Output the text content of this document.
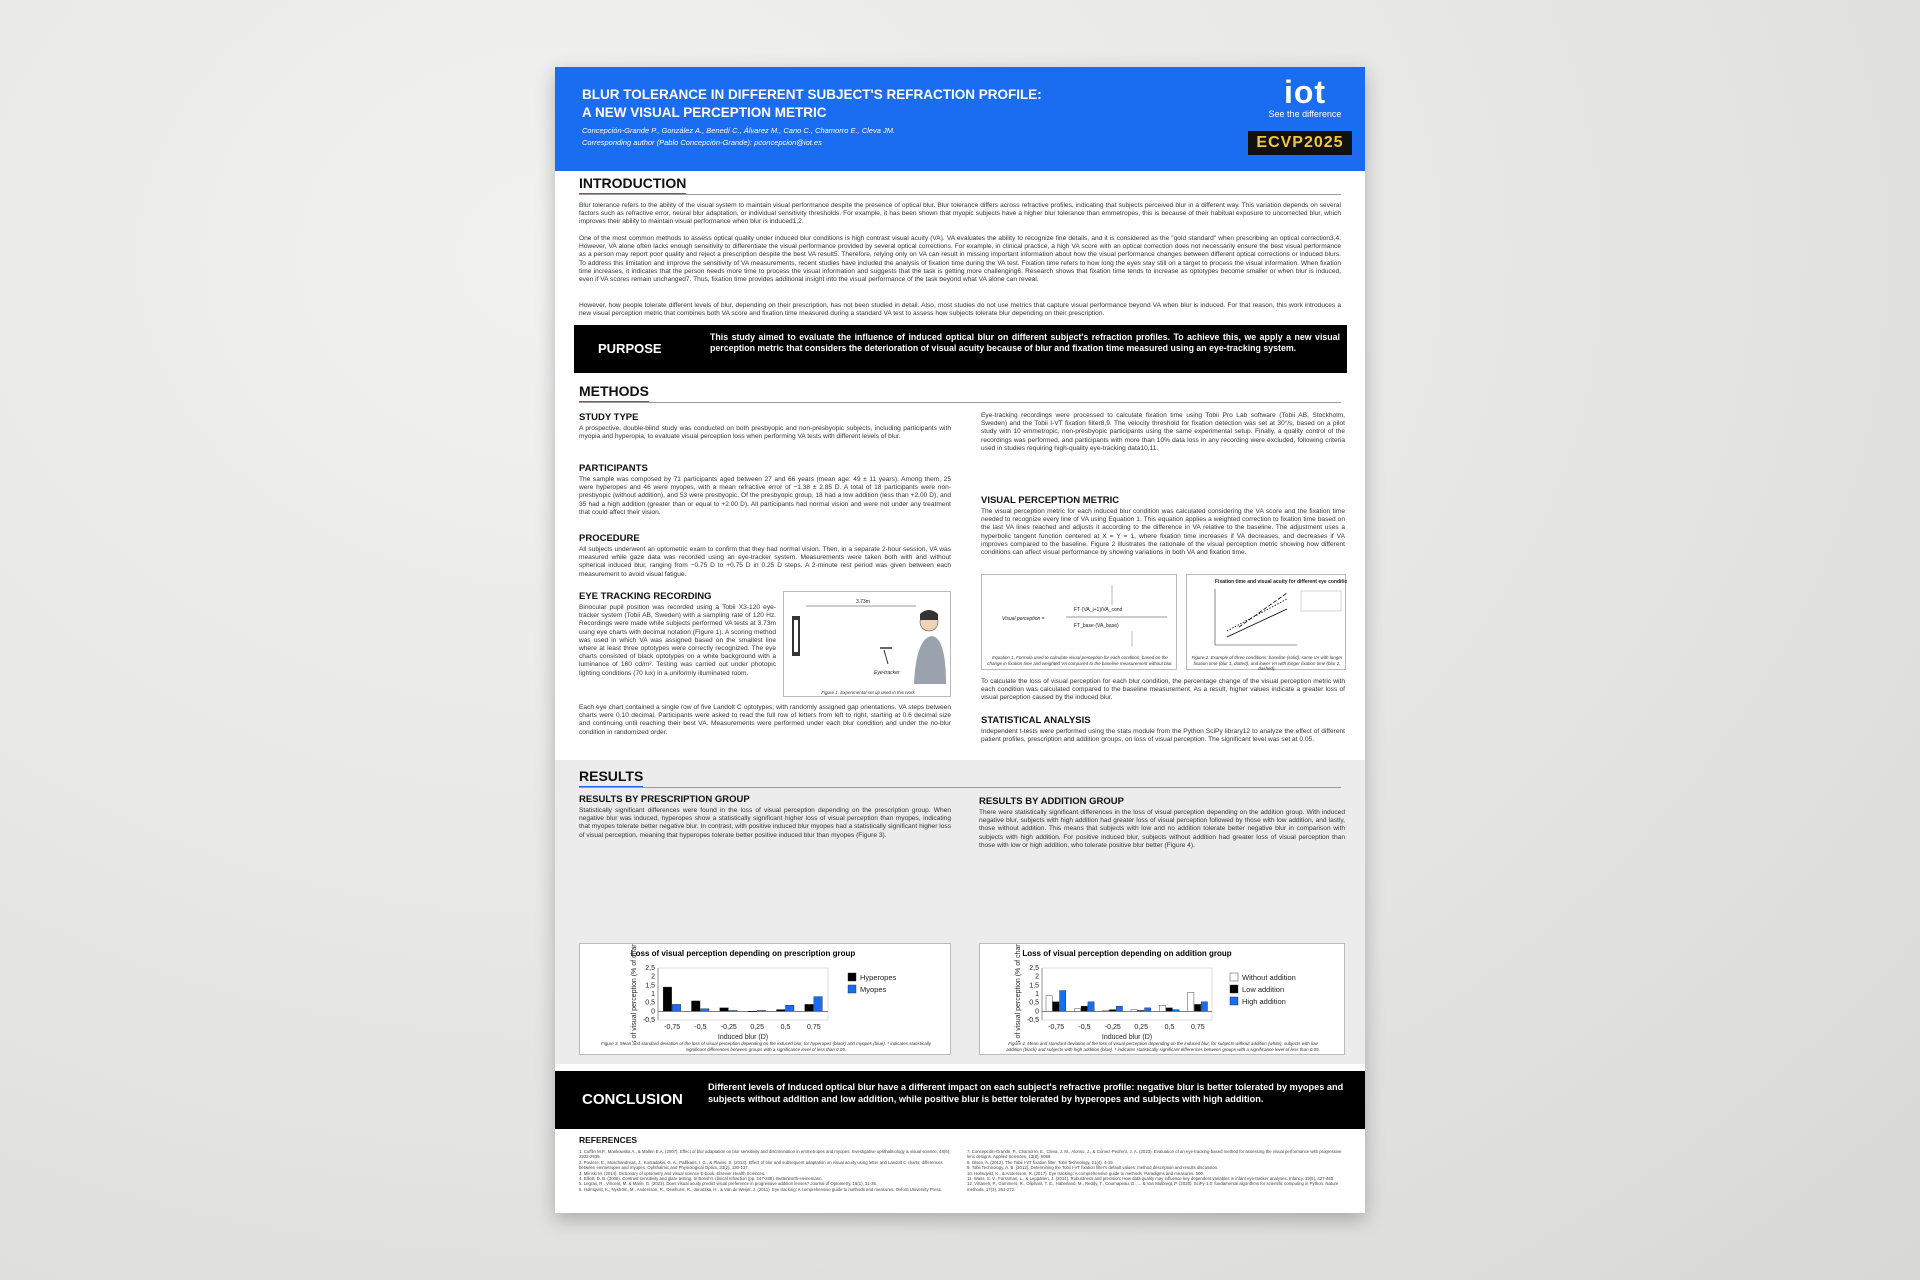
BLUR TOLERANCE IN DIFFERENT SUBJECT'S REFRACTION PROFILE:
A NEW VISUAL PERCEPTION METRIC
Concepción-Grande P., González A., Benedí C., Álvarez M., Cano C., Chamorro E., Cleva JM.
Corresponding author (Pablo Concepción-Grande): pconcepcion@iot.es
iot
See the difference
ECVP2025
INTRODUCTION
Blur tolerance refers to the ability of the visual system to maintain visual performance despite the presence of optical blur. Blur tolerance differs across refractive profiles, indicating that subjects perceived blur in a different way. This variation depends on several factors such as refractive error, neural blur adaptation, or individual sensitivity thresholds. For example, it has been shown that myopic subjects have a higher blur tolerance than emmetropes, this is because of their habitual exposure to uncorrected blur, which improves their ability to maintain visual performance when blur is induced1,2.
One of the most common methods to assess optical quality under induced blur conditions is high contrast visual acuity (VA). VA evaluates the ability to recognize fine details, and it is considered as the "gold standard" when prescribing an optical correction3,4. However, VA alone often lacks enough sensitivity to differentiate the visual performance provided by several optical corrections. For example, in clinical practice, a high VA score with an optical correction does not necessarily ensure the best visual performance as a person may report poor quality and reject a prescription despite the best VA result5. Therefore, relying only on VA can result in missing important information about how the visual performance changes between different optical corrections or induced blurs. To address this limitation and improve the sensitivity of VA measurements, recent studies have included the analysis of fixation time during the VA test. Fixation time refers to how long the eyes stay still on a target to process the visual information. When fixation time increases, it indicates that the person needs more time to process the visual information and suggests that the task is getting more challenging6. Research shows that fixation time tends to increase as optotypes become smaller or when blur is induced, even if VA scores remain unchanged7. Thus, fixation time provides additional insight into the visual performance of the task beyond what VA alone can reveal.
However, how people tolerate different levels of blur, depending on their prescription, has not been studied in detail. Also, most studies do not use metrics that capture visual performance beyond VA when blur is induced. For that reason, this work introduces a new visual perception metric that combines both VA score and fixation time measured during a standard VA test to assess how subjects tolerate blur depending on their prescription.
PURPOSE
This study aimed to evaluate the influence of induced optical blur on different subject's refraction profiles. To achieve this, we apply a new visual perception metric that considers the deterioration of visual acuity because of blur and fixation time measured using an eye-tracking system.
METHODS
STUDY TYPE
A prospective, double-blind study was conducted on both presbyopic and non-presbyopic subjects, including participants with myopia and hyperopia, to evaluate visual perception loss when performing VA tests with different levels of blur.
PARTICIPANTS
The sample was composed by 71 participants aged between 27 and 66 years (mean age: 49 ± 11 years). Among them, 25 were hyperopes and 46 were myopes, with a mean refractive error of −1.38 ± 2.85 D. A total of 18 participants were non-presbyopic (without addition), and 53 were presbyopic. Of the presbyopic group, 18 had a low addition (less than +2.00 D), and 35 had a high addition (greater than or equal to +2.00 D). All participants had normal vision and were not under any treatment that could affect their vision.
PROCEDURE
All subjects underwent an optometric exam to confirm that they had normal vision. Then, in a separate 2-hour session, VA was measured while gaze data was recorded using an eye-tracker system. Measurements were taken both with and without spherical induced blur, ranging from −0.75 D to +0.75 D in 0.25 D steps. A 2-minute rest period was given between each measurement to avoid visual fatigue.
EYE TRACKING RECORDING
Binocular pupil position was recorded using a Tobii X3-120 eye-tracker system (Tobii AB, Sweden) with a sampling rate of 120 Hz. Recordings were made while subjects performed VA tests at 3.73m using eye charts with decimal notation (Figure 1). A scoring method was used in which VA was assigned based on the smallest line where at least three optotypes were correctly recognized. The eye charts consisted of black optotypes on a white background with a luminance of 160 cd/m². Testing was carried out under photopic lighting conditions (70 lux) in a uniformly illuminated room.
Each eye chart contained a single row of five Landolt C optotypes, with randomly assigned gap orientations. VA steps between charts were 0.10 decimal. Participants were asked to read the full row of letters from left to right, starting at 0.6 decimal size and continuing until reaching their best VA. Measurements were performed under each blur condition and under the no-blur condition in randomized order.
3.73m
Eye-tracker
Figure 1. Experimental set up used in this work
Eye-tracking recordings were processed to calculate fixation time using Tobii Pro Lab software (Tobii AB, Stockholm, Sweden) and the Tobii I-VT fixation filter8,9. The velocity threshold for fixation detection was set at 30°/s, based on a pilot study with 10 emmetropic, non-presbyopic participants using the same experimental setup. Finally, a quality control of the recordings was performed, and participants with more than 10% data loss in any recording were excluded, following criteria used in studies requiring high-quality eye-tracking data10,11.
VISUAL PERCEPTION METRIC
The visual perception metric for each induced blur condition was calculated considering the VA score and the fixation time needed to recognize every line of VA using Equation 1. This equation applies a weighted correction to fixation time based on the last VA lines reached and adjusts it according to the difference in VA relative to the baseline. The adjustment uses a hyperbolic tangent function centered at X = Y = 1, where fixation time increases if VA decreases, and decreases if VA improves compared to the baseline. Figure 2 illustrates the rationale of the visual perception metric showing how different conditions can affect visual performance by showing variations in both VA and fixation time.
Visual perception =
FT·(VA_i+1)/VA_cond
FT_base·(VA_base)
Equation 1. Formula used to calculate visual perception for each condition, based on the change in fixation time and weighted VA compared to the baseline measurement without blur.
Fixation time and visual acuity for different eye conditions
Figure 2. Example of three conditions: baseline (solid), same VA with longer fixation time (blur 1, dotted), and lower VA with longer fixation time (blur 2, dashed).
To calculate the loss of visual perception for each blur condition, the percentage change of the visual perception metric with each condition was calculated compared to the baseline measurement. As a result, higher values indicate a greater loss of visual perception caused by the induced blur.
STATISTICAL ANALYSIS
Independent t-tests were performed using the stats module from the Python SciPy library12 to analyze the effect of different patient profiles, prescription and addition groups, on loss of visual perception. The significant level was set at 0.05.
RESULTS
RESULTS BY PRESCRIPTION GROUP
Statistically significant differences were found in the loss of visual perception depending on the prescription group. When negative blur was induced, hyperopes show a statistically significant higher loss of visual perception than myopes, indicating that myopes tolerate better negative blur. In contrast, with positive induced blur myopes had a statistically significant higher loss of visual perception, meaning that hyperopes tolerate better positive induced blur than myopes (Figure 3).
RESULTS BY ADDITION GROUP
There were statistically significant differences in the loss of visual perception depending on the addition group. With induced negative blur, subjects with high addition had greater loss of visual perception followed by those with low addition, and lastly, those without addition. This means that subjects with low and no addition tolerate better negative blur in comparison with subjects with high addition. For positive induced blur, subjects without addition had greater loss of visual perception than those with low or high addition, who tolerate positive blur better (Figure 4).
Loss of visual perception depending on prescription group
-0,5
0
0,5
1
1,5
2
2,5
Loss of visual perception (% of change)	-0,75 -0,5 -0,25 0,25 0,5 0,75
Induced blur (D)
Hyperopes
Myopes
Figure 3. Mean and standard deviation of the loss of visual perception depending on the induced blur, for hyperopes (black) and myopes (blue). * indicates statistically significant differences between groups with a significance level of less than 0.05.
Loss of visual perception depending on addition group
-0,5
0
0,5
1
1,5
2
2,5
Loss of visual perception (% of change)	-0,75 -0,5 -0,25 0,25 0,5 0,75
Induced blur (D)
Without addition
Low addition
High addition
Figure 4. Mean and standard deviation of the loss of visual perception depending on the induced blur, for subjects without addition (white), subjects with low addition (black) and subjects with high addition (blue). * indicates statistically significant differences between groups with a significance level of less than 0.05.
CONCLUSION
Different levels of Induced optical blur have a different impact on each subject's refractive profile: negative blur is better tolerated by myopes and subjects without addition and low addition, while positive blur is better tolerated by hyperopes and subjects with high addition.
REFERENCES
1. Cufflin M.P., Mankowska A., & Mallen E.A. (2007). Effect of blur adaptation on blur sensitivity and discrimination in emmetropes and myopes. Investigative ophthalmology & visual science, 48(6), 2932-2939.
2. Poulere, E., Moschandreas, J., Kontadakis, G. A., Pallikaris, I. G., & Plainis, S. (2013). Effect of blur and subsequent adaptation on visual acuity using letter and Landolt C charts: differences between emmetropes and myopes. Ophthalmic and Physiological Optics, 33(2), 130-137.
3. Mlinski M. (2014). Dictionary of optometry and visual science E-book. Elsevier Health Sciences.
4. Elliott, D. B. (2006). Contrast sensitivity and glare testing. In Borish's clinical refraction (pp. 247-288). Butterworth-Heinemann.
5. Legras, R., Vincent, M. & Marin, G. (2023). Does visual acuity predict visual preference in progressive addition lenses? Journal of Optometry, 16(1), 31-36.
6. Holmqvist, K., Nyström, M., Andersson, R., Dewhurst, R., Jarodzka, H., & Van de Weijer, J. (2011). Eye tracking: A comprehensive guide to methods and measures. Oxford University Press.
7. Concepción-Grande, P., Chamorro, E., Cleva, J. M., Alonso, J., & Gómez-Pedrero, J. A. (2023). Evaluation of an eye-tracking-based method for assessing the visual performance with progressive lens designs. Applied Sciences, 13(8), 5059.
8. Olsen, A. (2012). The Tobii I-VT fixation filter. Tobii Technology, 21(4), 4-19.
9. Tobii Technology, A. B. (2012). Determining the Tobii I-VT fixation filter's default values: method description and results discussion.
10. Holmqvist, K., & Andersson, R. (2017). Eye tracking: A comprehensive guide to methods, Paradigms and measures. 500.
11. Wass, S. V., Forssman, L., & Leppänen, J. (2014). Robustness and precision: How data quality may influence key dependent variables in infant eye-tracker analyses. Infancy, 19(5), 427-460.
12. Virtanen, P., Gommers, R., Oliphant, T. E., Haberland, M., Reddy, T., Cournapeau, D., ... & Van Mulbregt, P. (2020). SciPy 1.0: fundamental algorithms for scientific computing in Python. Nature methods, 17(3), 261-272.
